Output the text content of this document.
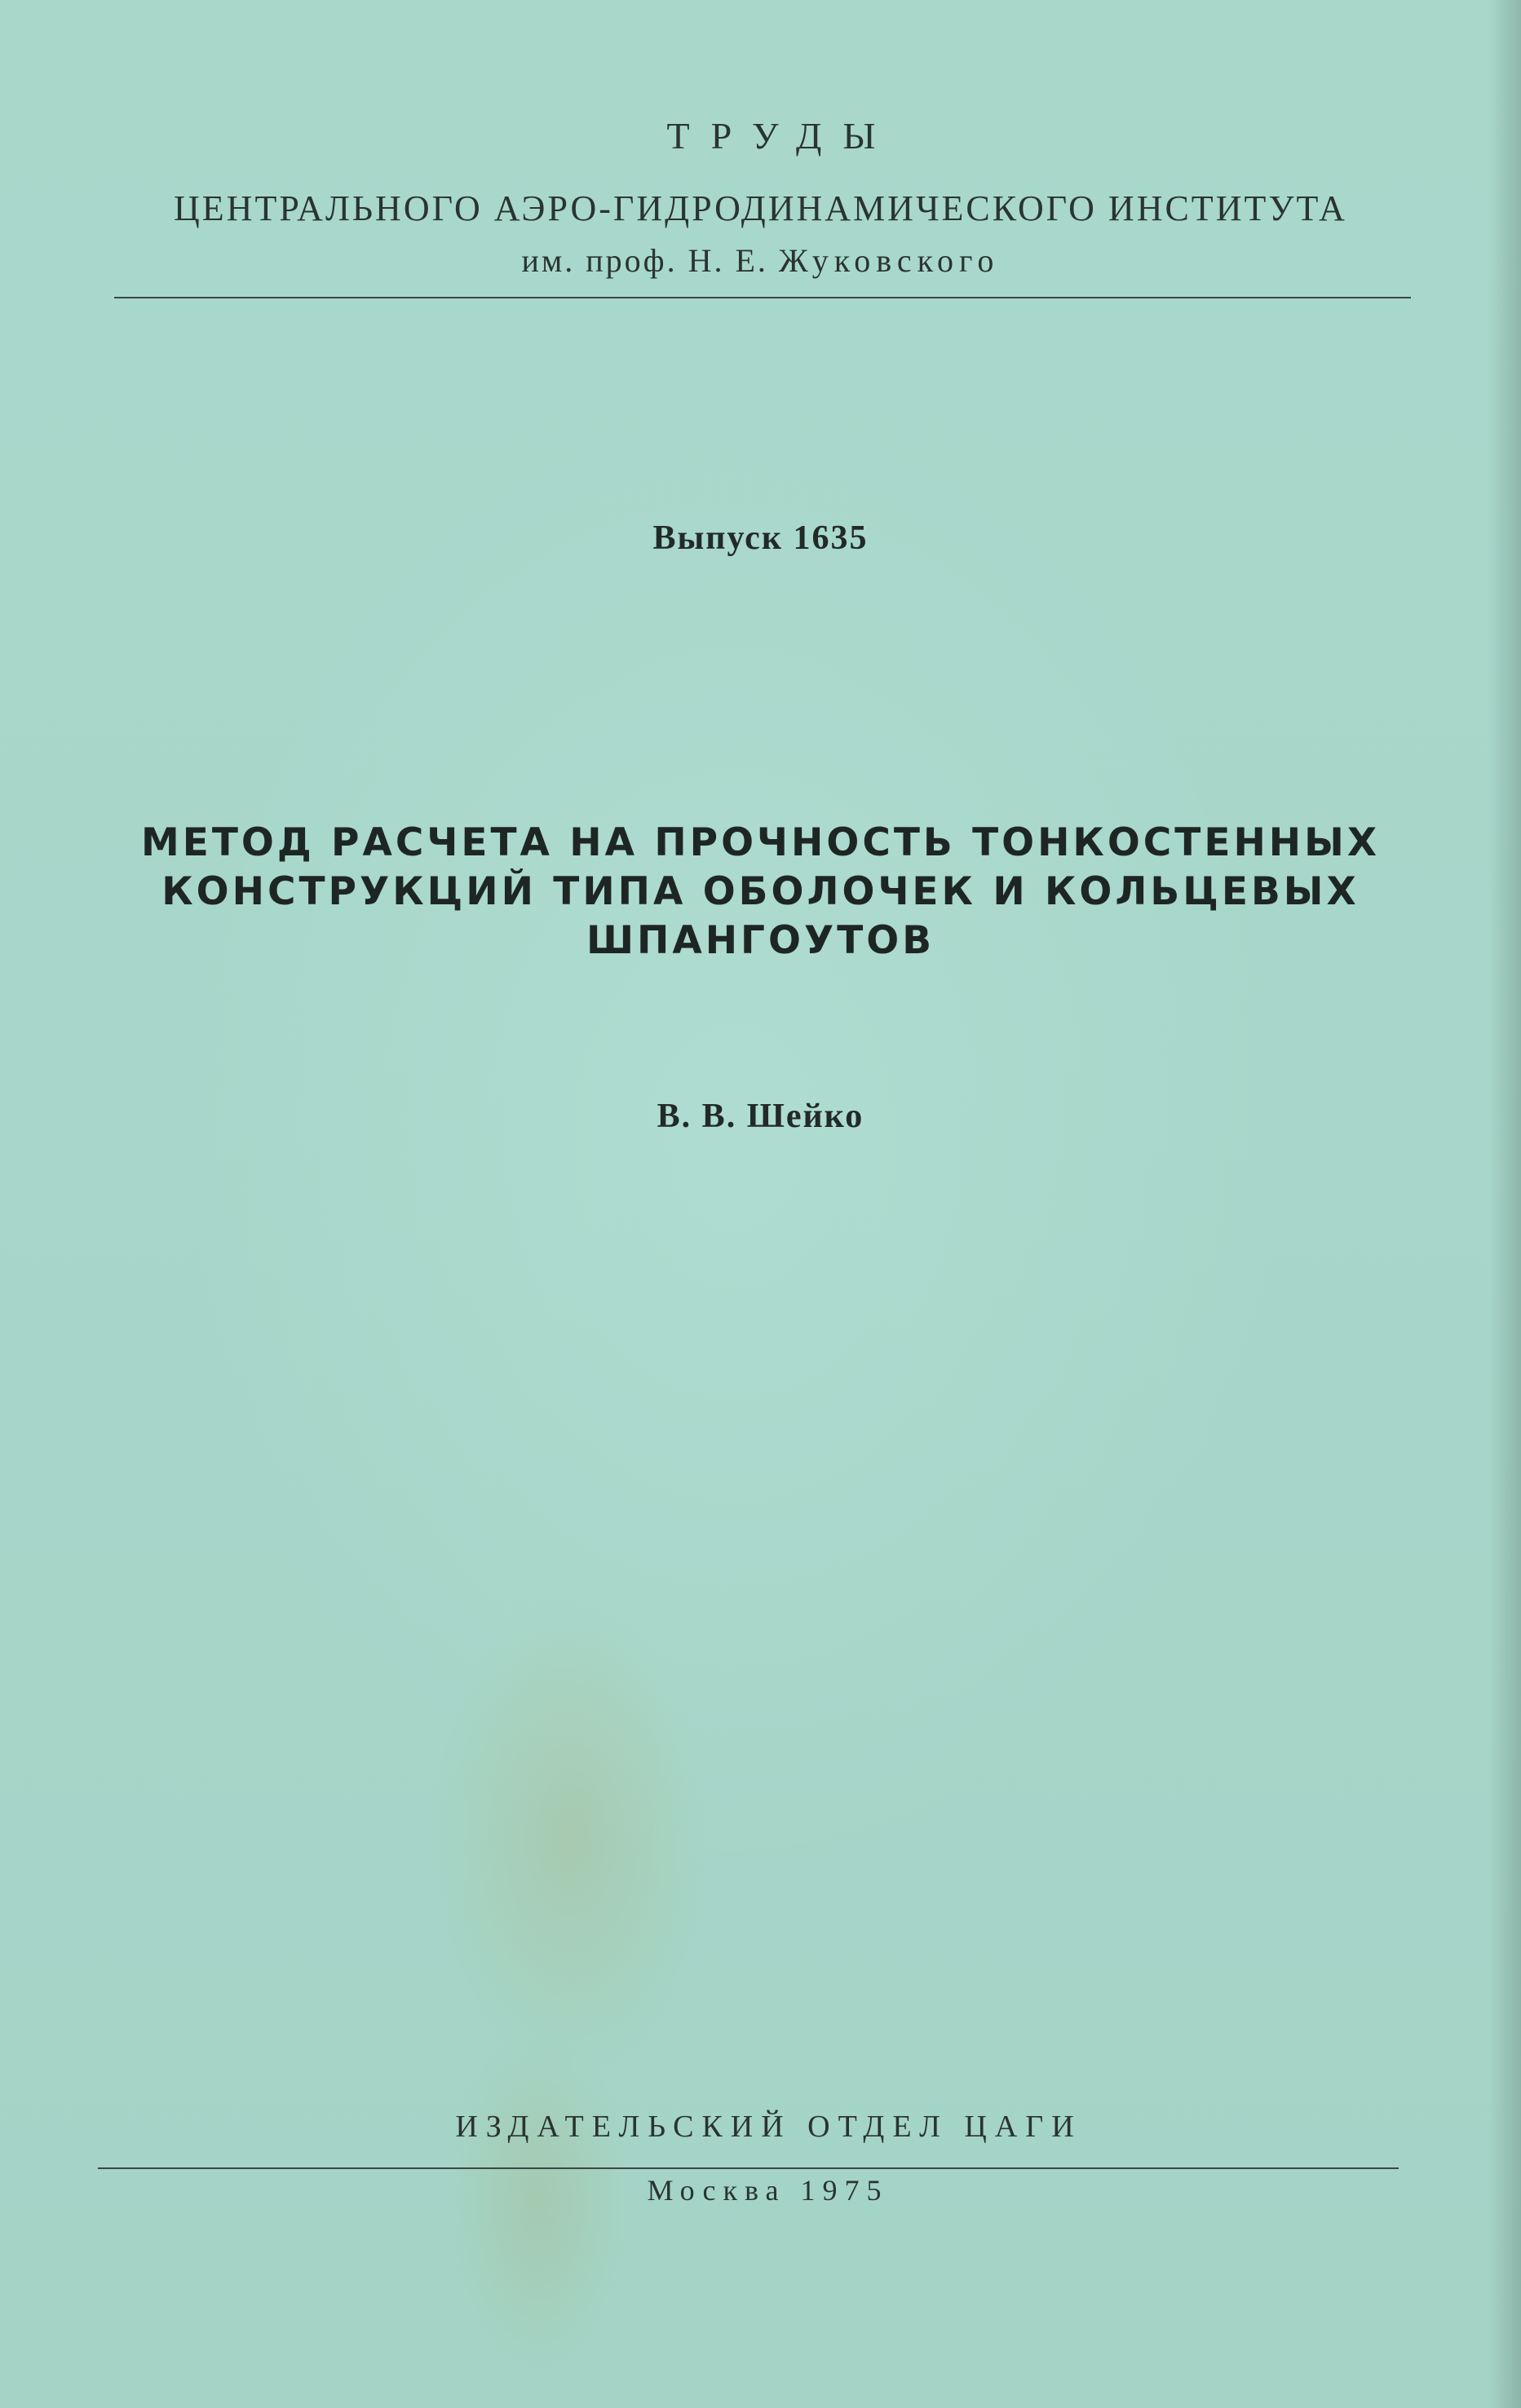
ТРУДЫ
ЦЕНТРАЛЬНОГО АЭРО-ГИДРОДИНАМИЧЕСКОГО ИНСТИТУТА
им. проф. Н. Е. Жуковского
Выпуск 1635
МЕТОД РАСЧЕТА НА ПРОЧНОСТЬ ТОНКОСТЕННЫХ
КОНСТРУКЦИЙ ТИПА ОБОЛОЧЕК И КОЛЬЦЕВЫХ
ШПАНГОУТОВ
В. В. Шейко
ИЗДАТЕЛЬСКИЙ ОТДЕЛ ЦАГИ
Москва 1975
